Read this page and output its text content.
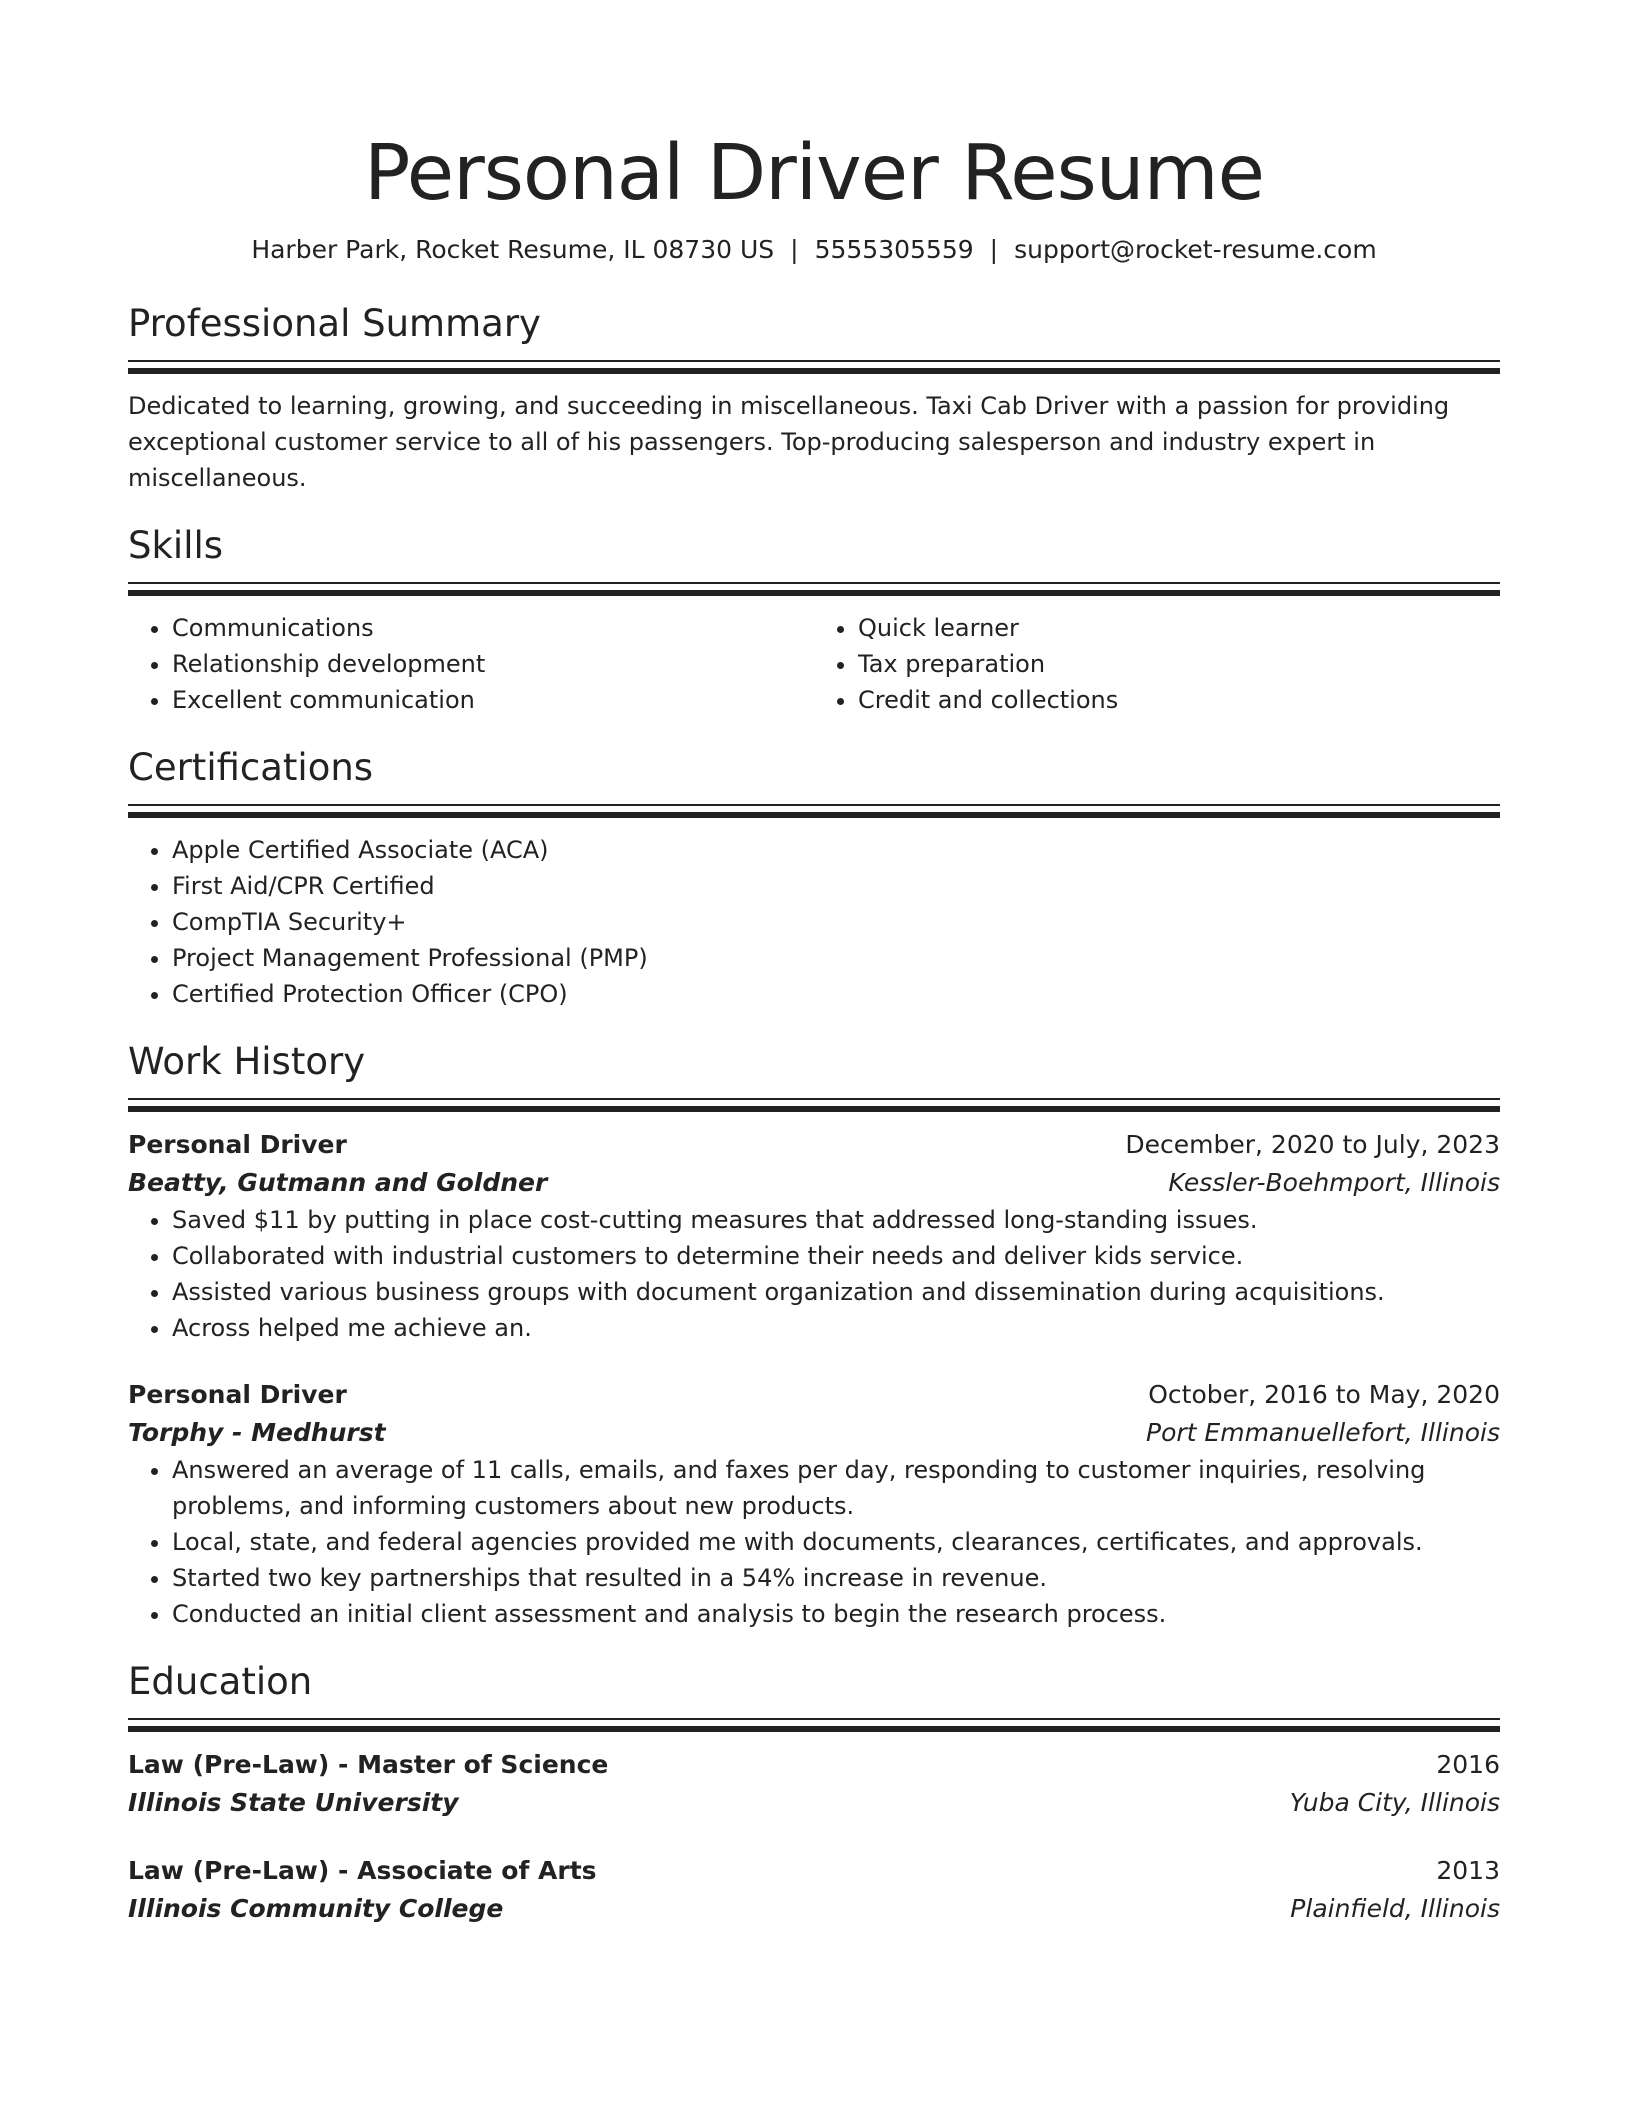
Personal Driver Resume
Harber Park, Rocket Resume, IL 08730 US | 5555305559 | support@rocket-resume.com
Professional Summary
Dedicated to learning, growing, and succeeding in miscellaneous. Taxi Cab Driver with a passion for providing exceptional customer service to all of his passengers. Top-producing salesperson and industry expert in miscellaneous.
Skills
• Communications
• Relationship development
• Excellent communication
• Quick learner
• Tax preparation
• Credit and collections
Certifications
• Apple Certified Associate (ACA)
• First Aid/CPR Certified
• CompTIA Security+
• Project Management Professional (PMP)
• Certified Protection Officer (CPO)
Work History
Personal Driver	December, 2020 to July, 2023
Beatty, Gutmann and Goldner	Kessler-Boehmport, Illinois
• Saved $11 by putting in place cost-cutting measures that addressed long-standing issues.
• Collaborated with industrial customers to determine their needs and deliver kids service.
• Assisted various business groups with document organization and dissemination during acquisitions.
• Across helped me achieve an.
Personal Driver	October, 2016 to May, 2020
Torphy - Medhurst	Port Emmanuellefort, Illinois
• Answered an average of 11 calls, emails, and faxes per day, responding to customer inquiries, resolving problems, and informing customers about new products.
• Local, state, and federal agencies provided me with documents, clearances, certificates, and approvals.
• Started two key partnerships that resulted in a 54% increase in revenue.
• Conducted an initial client assessment and analysis to begin the research process.
Education
Law (Pre-Law) - Master of Science	2016
Illinois State University	Yuba City, Illinois
Law (Pre-Law) - Associate of Arts	2013
Illinois Community College	Plainfield, Illinois
